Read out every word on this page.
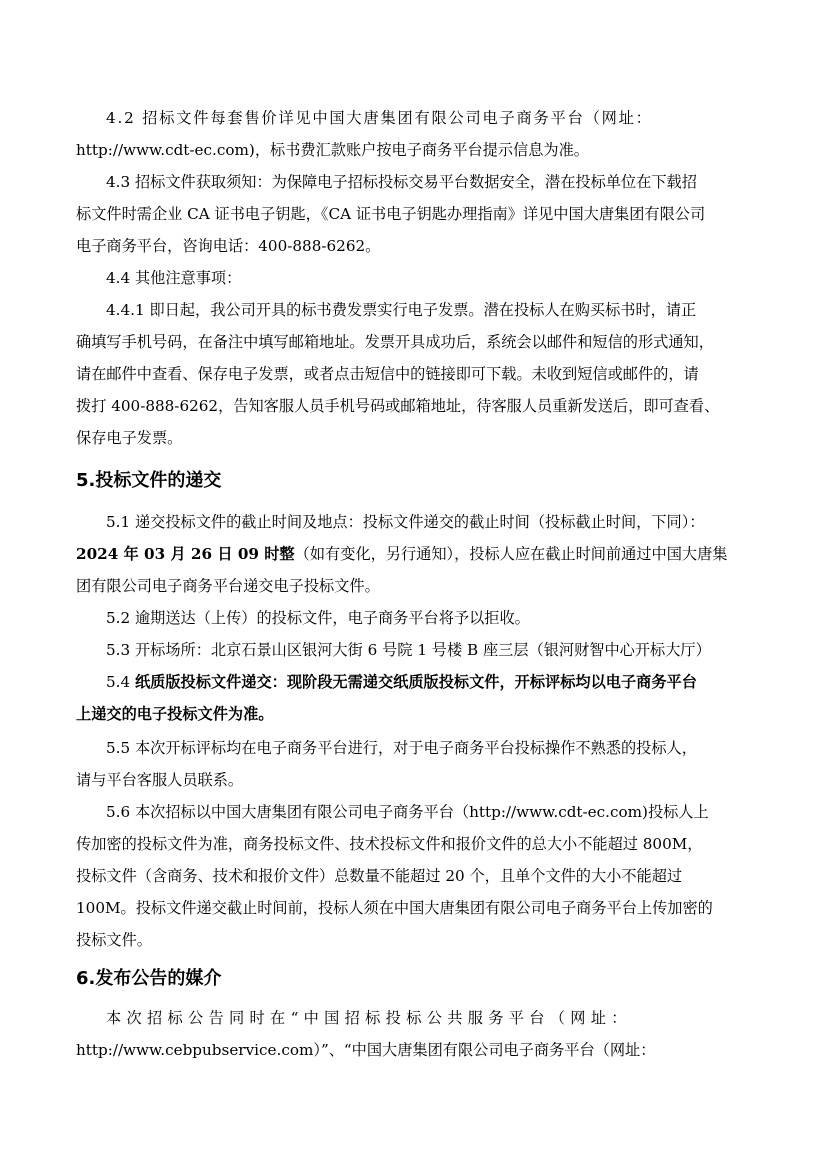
4.2 招标文件每套售价详见中国大唐集团有限公司电子商务平台（网址：
http://www.cdt-ec.com)，标书费汇款账户按电子商务平台提示信息为准。
4.3 招标文件获取须知：为保障电子招标投标交易平台数据安全，潜在投标单位在下载招
标文件时需企业 CA 证书电子钥匙，《CA 证书电子钥匙办理指南》详见中国大唐集团有限公司
电子商务平台，咨询电话：400-888-6262。
4.4 其他注意事项：
4.4.1 即日起，我公司开具的标书费发票实行电子发票。潜在投标人在购买标书时，请正
确填写手机号码，在备注中填写邮箱地址。发票开具成功后，系统会以邮件和短信的形式通知，
请在邮件中查看、保存电子发票，或者点击短信中的链接即可下载。未收到短信或邮件的，请
拨打 400-888-6262，告知客服人员手机号码或邮箱地址，待客服人员重新发送后，即可查看、
保存电子发票。
5.投标文件的递交
5.1 递交投标文件的截止时间及地点：投标文件递交的截止时间（投标截止时间，下同）：
2024 年 03 月 26 日 09 时整（如有变化，另行通知），投标人应在截止时间前通过中国大唐集
团有限公司电子商务平台递交电子投标文件。
5.2 逾期送达（上传）的投标文件，电子商务平台将予以拒收。
5.3 开标场所：北京石景山区银河大街 6 号院 1 号楼 B 座三层（银河财智中心开标大厅）
5.4 纸质版投标文件递交：现阶段无需递交纸质版投标文件，开标评标均以电子商务平台
上递交的电子投标文件为准。
5.5 本次开标评标均在电子商务平台进行，对于电子商务平台投标操作不熟悉的投标人，
请与平台客服人员联系。
5.6 本次招标以中国大唐集团有限公司电子商务平台（http://www.cdt-ec.com)投标人上
传加密的投标文件为准，商务投标文件、技术投标文件和报价文件的总大小不能超过 800M，
投标文件（含商务、技术和报价文件）总数量不能超过 20 个，且单个文件的大小不能超过
100M。投标文件递交截止时间前，投标人须在中国大唐集团有限公司电子商务平台上传加密的
投标文件。
6.发布公告的媒介
本次招标公告同时在“中国招标投标公共服务平台（网址：
http://www.cebpubservice.com）”、“中国大唐集团有限公司电子商务平台（网址：
